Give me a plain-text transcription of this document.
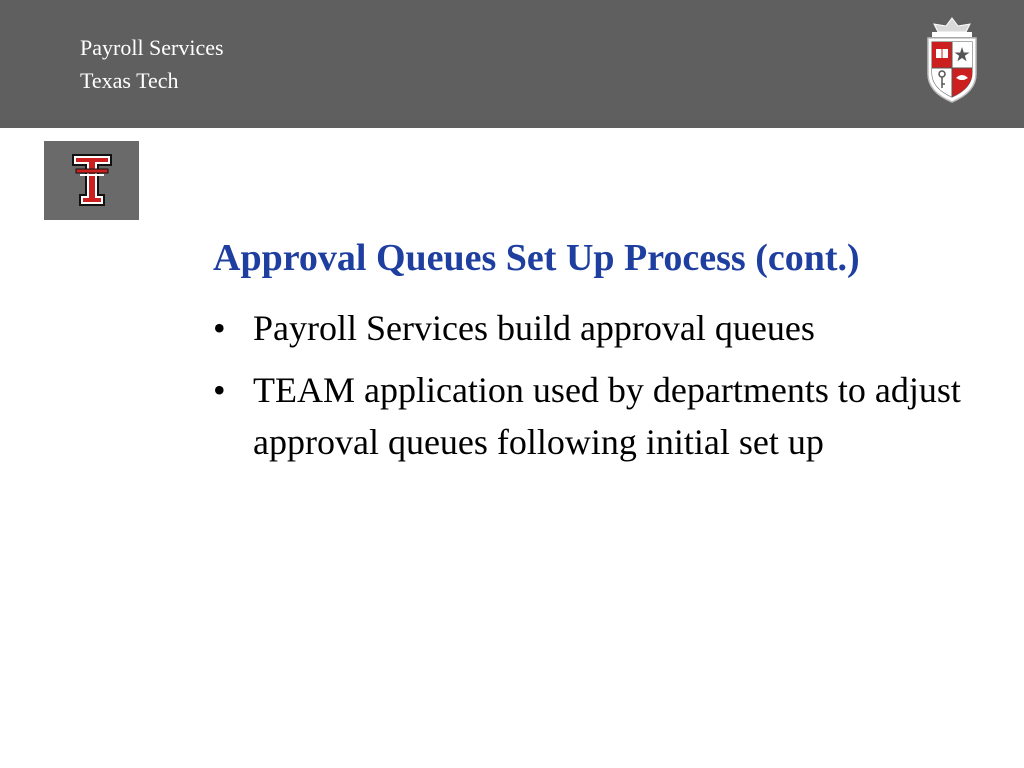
Payroll Services
Texas Tech
Approval Queues Set Up Process (cont.)
• Payroll Services build approval queues
• TEAM application used by departments to adjust approval queues following initial set up
